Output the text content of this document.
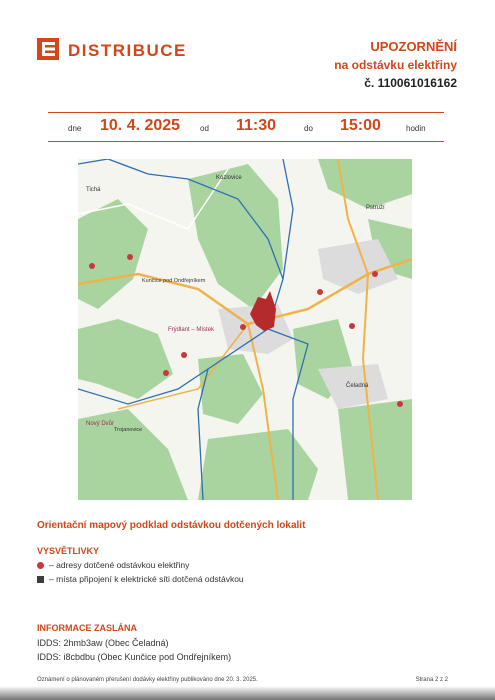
DISTRIBUCE	UPOZORNĚNÍ
na odstávku elektřiny
č. 110061016162
dne 10. 4. 2025 od 11:30	do 15:00	hodin
Tichá
Kozlovice
Pstruží
Kunčice pod Ondřejníkem
Frýdlant – Místek
Čeladná
Nový Dvůr
Trojanovice
Orientační mapový podklad odstávkou dotčených lokalit
VYSVĚTLIVKY
– adresy dotčené odstávkou elektřiny
– místa připojení k elektrické síti dotčená odstávkou
INFORMACE ZASLÁNA
IDDS: 2hmb3aw (Obec Čeladná)
IDDS: i8cbdbu (Obec Kunčice pod Ondřejníkem)
Oznámení o plánovaném přerušení dodávky elektřiny publikováno dne 20. 3. 2025.	Strana 2 z 2
